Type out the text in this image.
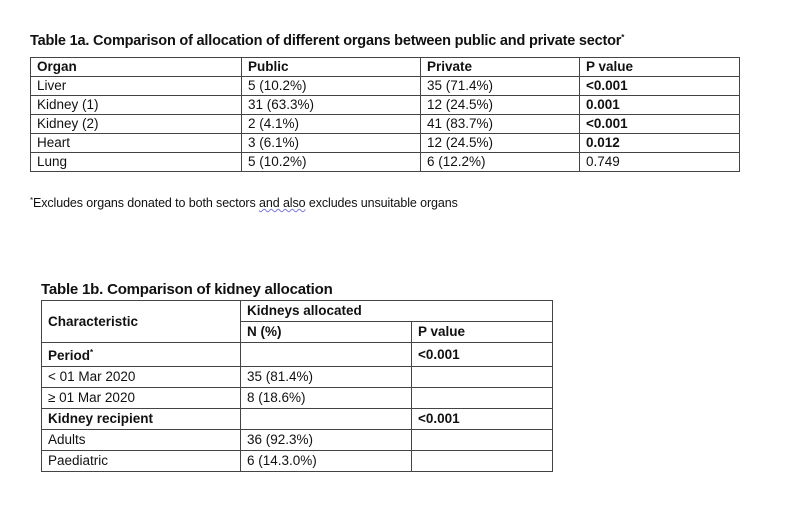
Table 1a. Comparison of allocation of different organs between public and private sector*
Organ	Public	Private	P value
Liver	5 (10.2%)	35 (71.4%)	<0.001
Kidney (1)	31 (63.3%)	12 (24.5%)	0.001
Kidney (2)	2 (4.1%)	41 (83.7%)	<0.001
Heart	3 (6.1%)	12 (24.5%)	0.012
Lung	5 (10.2%)	6 (12.2%)	0.749
*Excludes organs donated to both sectors and also excludes unsuitable organs
Table 1b. Comparison of kidney allocation
Characteristic	Kidneys allocated	
	N (%)	P value
Period*		<0.001
< 01 Mar 2020	35 (81.4%)	
≥ 01 Mar 2020	8 (18.6%)	
Kidney recipient		<0.001
Adults	36 (92.3%)	
Paediatric	6 (14.3.0%)	
